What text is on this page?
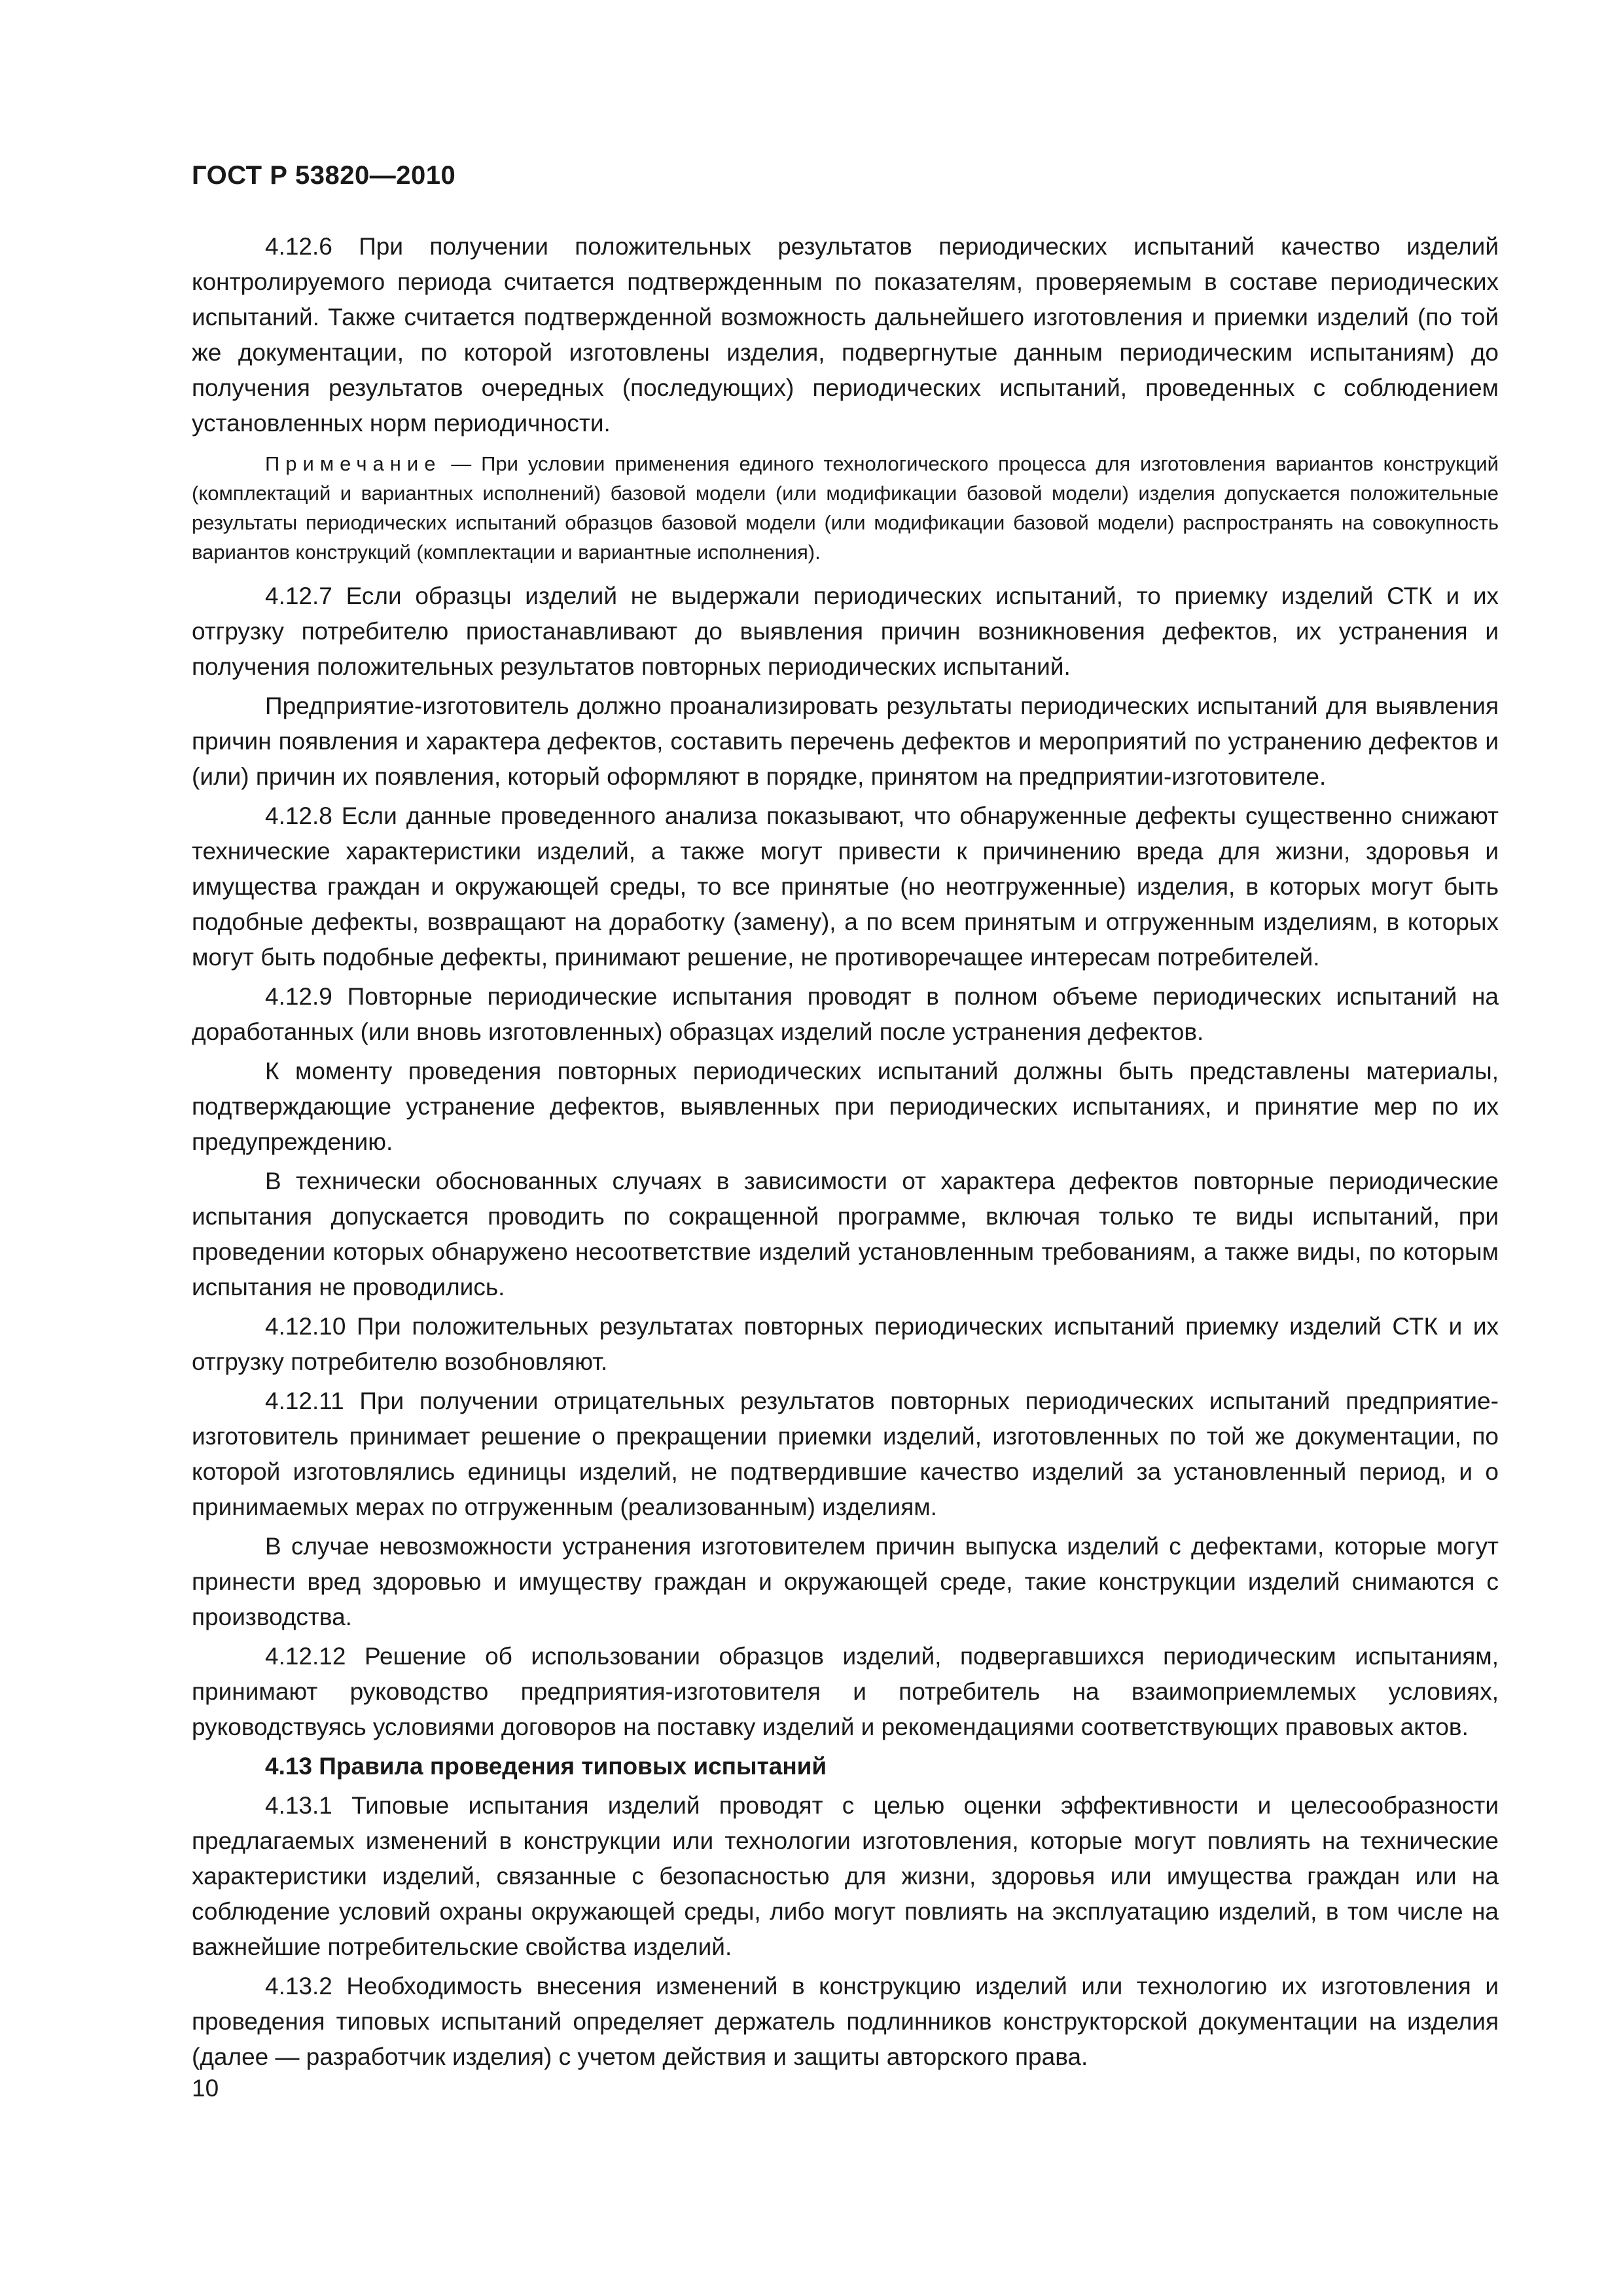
ГОСТ Р 53820—2010

4.12.6 При получении положительных результатов периодических испытаний качество изделий контролируемого периода считается подтвержденным по показателям, проверяемым в составе периодических испытаний. Также считается подтвержденной возможность дальнейшего изготовления и приемки изделий (по той же документации, по которой изготовлены изделия, подвергнутые данным периодическим испытаниям) до получения результатов очередных (последующих) периодических испытаний, проведенных с соблюдением установленных норм периодичности.

Примечание — При условии применения единого технологического процесса для изготовления вариантов конструкций (комплектаций и вариантных исполнений) базовой модели (или модификации базовой модели) изделия допускается положительные результаты периодических испытаний образцов базовой модели (или модификации базовой модели) распространять на совокупность вариантов конструкций (комплектации и вариантные исполнения).

4.12.7 Если образцы изделий не выдержали периодических испытаний, то приемку изделий СТК и их отгрузку потребителю приостанавливают до выявления причин возникновения дефектов, их устранения и получения положительных результатов повторных периодических испытаний.

Предприятие-изготовитель должно проанализировать результаты периодических испытаний для выявления причин появления и характера дефектов, составить перечень дефектов и мероприятий по устранению дефектов и (или) причин их появления, который оформляют в порядке, принятом на предприятии-изготовителе.

4.12.8 Если данные проведенного анализа показывают, что обнаруженные дефекты существенно снижают технические характеристики изделий, а также могут привести к причинению вреда для жизни, здоровья и имущества граждан и окружающей среды, то все принятые (но неотгруженные) изделия, в которых могут быть подобные дефекты, возвращают на доработку (замену), а по всем принятым и отгруженным изделиям, в которых могут быть подобные дефекты, принимают решение, не противоречащее интересам потребителей.

4.12.9 Повторные периодические испытания проводят в полном объеме периодических испытаний на доработанных (или вновь изготовленных) образцах изделий после устранения дефектов.

К моменту проведения повторных периодических испытаний должны быть представлены материалы, подтверждающие устранение дефектов, выявленных при периодических испытаниях, и принятие мер по их предупреждению.

В технически обоснованных случаях в зависимости от характера дефектов повторные периодические испытания допускается проводить по сокращенной программе, включая только те виды испытаний, при проведении которых обнаружено несоответствие изделий установленным требованиям, а также виды, по которым испытания не проводились.

4.12.10 При положительных результатах повторных периодических испытаний приемку изделий СТК и их отгрузку потребителю возобновляют.

4.12.11 При получении отрицательных результатов повторных периодических испытаний предприятие-изготовитель принимает решение о прекращении приемки изделий, изготовленных по той же документации, по которой изготовлялись единицы изделий, не подтвердившие качество изделий за установленный период, и о принимаемых мерах по отгруженным (реализованным) изделиям.

В случае невозможности устранения изготовителем причин выпуска изделий с дефектами, которые могут принести вред здоровью и имуществу граждан и окружающей среде, такие конструкции изделий снимаются с производства.

4.12.12 Решение об использовании образцов изделий, подвергавшихся периодическим испытаниям, принимают руководство предприятия-изготовителя и потребитель на взаимоприемлемых условиях, руководствуясь условиями договоров на поставку изделий и рекомендациями соответствующих правовых актов.

4.13 Правила проведения типовых испытаний

4.13.1 Типовые испытания изделий проводят с целью оценки эффективности и целесообразности предлагаемых изменений в конструкции или технологии изготовления, которые могут повлиять на технические характеристики изделий, связанные с безопасностью для жизни, здоровья или имущества граждан или на соблюдение условий охраны окружающей среды, либо могут повлиять на эксплуатацию изделий, в том числе на важнейшие потребительские свойства изделий.

4.13.2 Необходимость внесения изменений в конструкцию изделий или технологию их изготовления и проведения типовых испытаний определяет держатель подлинников конструкторской документации на изделия (далее — разработчик изделия) с учетом действия и защиты авторского права.

10
